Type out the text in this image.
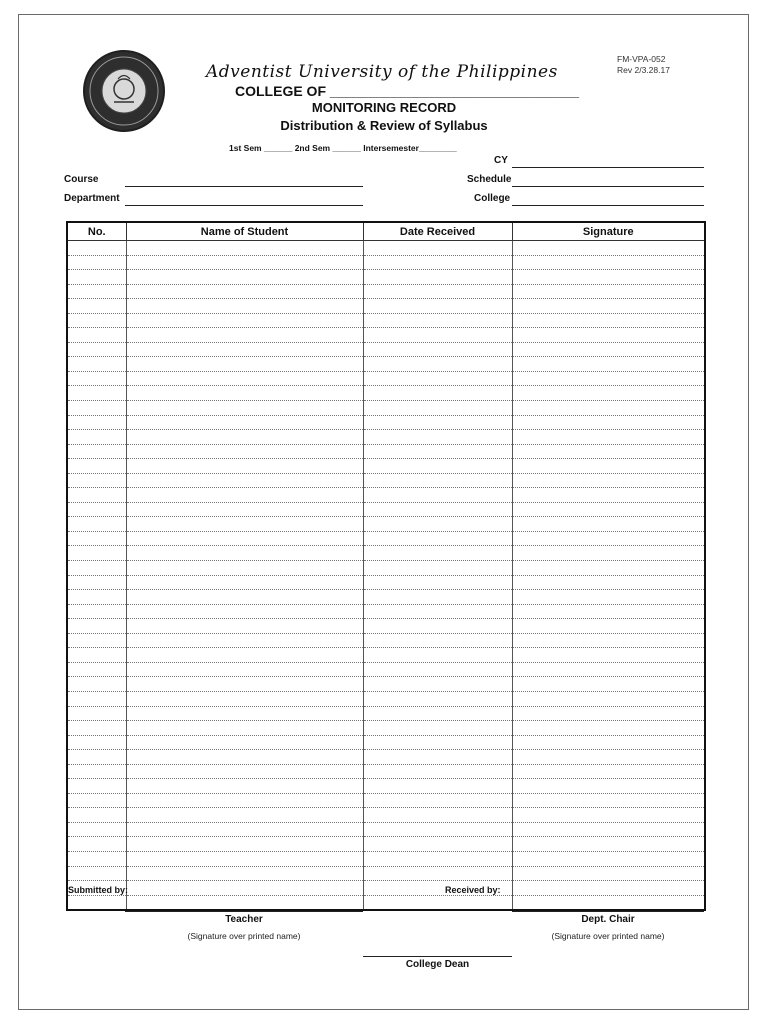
Adventist University of the Philippines
COLLEGE OF ________________________________
MONITORING RECORD
Distribution & Review of Syllabus
FM-VPA-052
Rev 2/3.28.17
1st Sem ______ 2nd Sem ______ Intersemester________
CY
Course	Schedule
Department	College
No.	Name of Student	Date Received	Signature

Submitted by:	Received by:
Teacher
(Signature over printed name)
Dept. Chair
(Signature over printed name)
College Dean
